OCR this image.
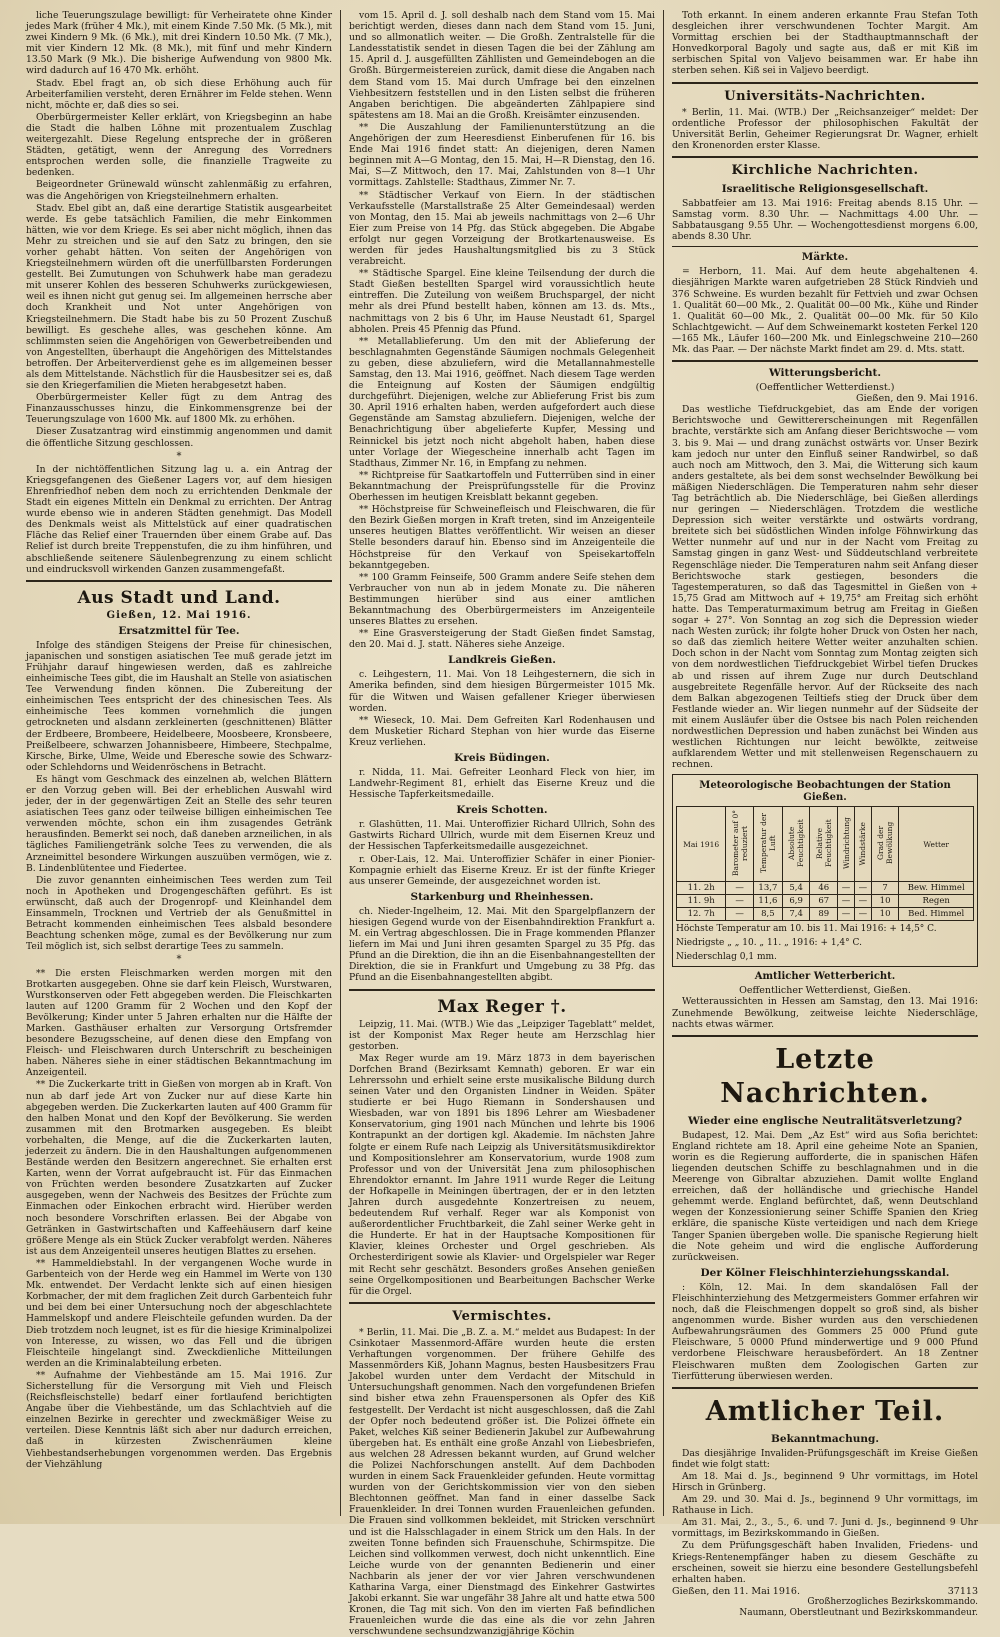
liche Teuerungszulage bewilligt: für Verheiratete ohne Kinder jedes Mark (früher 4 Mk.), mit einem Kinde 7.50 Mk. (5 Mk.), mit zwei Kindern 9 Mk. (6 Mk.), mit drei Kindern 10.50 Mk. (7 Mk.), mit vier Kindern 12 Mk. (8 Mk.), mit fünf und mehr Kindern 13.50 Mark (9 Mk.). Die bisherige Aufwendung von 9800 Mk. wird dadurch auf 16 470 Mk. erhöht.

Stadv. Ebel fragt an, ob sich diese Erhöhung auch für Arbeiterfamilien versteht, deren Ernährer im Felde stehen. Wenn nicht, möchte er, daß dies so sei.

Oberbürgermeister Keller erklärt, von Kriegsbeginn an habe die Stadt die halben Löhne mit prozentualem Zuschlag weitergezahlt. Diese Regelung entspreche der in größeren Städten, getätigt, wenn der Anregung des Vorredners entsprochen werden solle, die finanzielle Tragweite zu bedenken.

Beigeordneter Grünewald wünscht zahlenmäßig zu erfahren, was die Angehörigen von Kriegsteilnehmern erhalten.

Stadv. Ebel gibt an, daß eine derartige Statistik ausgearbeitet werde. Es gebe tatsächlich Familien, die mehr Einkommen hätten, wie vor dem Kriege. Es sei aber nicht möglich, ihnen das Mehr zu streichen und sie auf den Satz zu bringen, den sie vorher gehabt hätten. Von seiten der Angehörigen von Kriegsteilnehmern würden oft die unerfüllbarsten Forderungen gestellt. Bei Zumutungen von Schuhwerk habe man geradezu mit unserer Kohlen des besseren Schuhwerks zurückgewiesen, weil es ihnen nicht gut genug sei. Im allgemeinen herrsche aber doch Krankheit und Not unter Angehörigen von Kriegsteilnehmern. Die Stadt habe bis zu 50 Prozent Zuschuß bewilligt. Es geschehe alles, was geschehen könne. Am schlimmsten seien die Angehörigen von Gewerbetreibenden und von Angestellten, überhaupt die Angehörigen des Mittelstandes betroffen. Der Arbeiterverdienst gehe es im allgemeinen besser als dem Mittelstande. Nächstlich für die Hausbesitzer sei es, daß sie den Kriegerfamilien die Mieten herabgesetzt haben.

Oberbürgermeister Keller fügt zu dem Antrag des Finanzausschusses hinzu, die Einkommensgrenze bei der Teuerungszulage von 1600 Mk. auf 1800 Mk. zu erhöhen.

Dieser Zusatzantrag wird einstimmig angenommen und damit die öffentliche Sitzung geschlossen.

*

In der nichtöffentlichen Sitzung lag u. a. ein Antrag der Kriegsgefangenen des Gießener Lagers vor, auf dem hiesigen Ehrenfriedhof neben dem noch zu errichtenden Denkmale der Stadt ein eigenes Mitteln ein Denkmal zu errichten. Der Antrag wurde ebenso wie in anderen Städten genehmigt. Das Modell des Denkmals weist als Mittelstück auf einer quadratischen Fläche das Relief einer Trauernden über einem Grabe auf. Das Relief ist durch breite Treppenstufen, die zu ihm hinführen, und abschließende seitenere Säulenbegrenzung zu einem schlicht und eindrucksvoll wirkenden Ganzen zusammengefaßt.

Aus Stadt und Land.
Gießen, 12. Mai 1916.
Ersatzmittel für Tee.

Infolge des ständigen Steigens der Preise für chinesischen, japanischen und sonstigen asiatischen Tee muß gerade jetzt im Frühjahr darauf hingewiesen werden, daß es zahlreiche einheimische Tees gibt, die im Haushalt an Stelle von asiatischen Tee Verwendung finden können. Die Zubereitung der einheimischen Tees entspricht der des chinesischen Tees. Als einheimische Tees kommen vornehmlich die jungen getrockneten und alsdann zerkleinerten (geschnittenen) Blätter der Erdbeere, Brombeere, Heidelbeere, Moosbeere, Kronsbeere, Preißelbeere, schwarzen Johannisbeere, Himbeere, Stechpalme, Kirsche, Birke, Ulme, Weide und Eberesche sowie des Schwarz- oder Schlehdorns und Weidenröschens in Betracht.

Es hängt vom Geschmack des einzelnen ab, welchen Blättern er den Vorzug geben will. Bei der erheblichen Auswahl wird jeder, der in der gegenwärtigen Zeit an Stelle des sehr teuren asiatischen Tees ganz oder teilweise billigen einheimischen Tee verwenden möchte, schon ein ihm zusagendes Getränk herausfinden. Bemerkt sei noch, daß daneben arzneilichen, in als tägliches Familiengetränk solche Tees zu verwenden, die als Arzneimittel besondere Wirkungen auszuüben vermögen, wie z. B. Lindenblütentee und Fiedertee.

Die zuvor genannten einheimischen Tees werden zum Teil noch in Apotheken und Drogengeschäften geführt. Es ist erwünscht, daß auch der Drogenropf- und Kleinhandel dem Einsammeln, Trocknen und Vertrieb der als Genußmittel in Betracht kommenden einheimischen Tees alsbald besondere Beachtung schenken möge, zumal es der Bevölkerung nur zum Teil möglich ist, sich selbst derartige Tees zu sammeln.

*

** Die ersten Fleischmarken werden morgen mit den Brotkarten ausgegeben. Ohne sie darf kein Fleisch, Wurstwaren, Wurstkonserven oder Fett abgegeben werden. Die Fleischkarten lauten auf 1200 Gramm für 2 Wochen und den Kopf der Bevölkerung; Kinder unter 5 Jahren erhalten nur die Hälfte der Marken. Gasthäuser erhalten zur Versorgung Ortsfremder besondere Bezugsscheine, auf denen diese den Empfang von Fleisch- und Fleischwaren durch Unterschrift zu bescheinigen haben. Näheres siehe in einer städtischen Bekanntmachung im Anzeigenteil.

** Die Zuckerkarte tritt in Gießen von morgen ab in Kraft. Von nun ab darf jede Art von Zucker nur auf diese Karte hin abgegeben werden. Die Zuckerkarten lauten auf 400 Gramm für den halben Monat und den Kopf der Bevölkerung. Sie werden zusammen mit den Brotmarken ausgegeben. Es bleibt vorbehalten, die Menge, auf die die Zuckerkarten lauten, jederzeit zu ändern. Die in den Haushaltungen aufgenommenen Bestände werden den Besitzern angerechnet. Sie erhalten erst Karten, wenn der Vorrat aufgebraucht ist. Für das Einmachen von Früchten werden besondere Zusatzkarten auf Zucker ausgegeben, wenn der Nachweis des Besitzes der Früchte zum Einmachen oder Einkochen erbracht wird. Hierüber werden noch besondere Vorschriften erlassen. Bei der Abgabe von Getränken in Gastwirtschaften und Kaffeehäusern darf keine größere Menge als ein Stück Zucker verabfolgt werden. Näheres ist aus dem Anzeigenteil unseres heutigen Blattes zu ersehen.

** Hammeldiebstahl. In der vergangenen Woche wurde in Garbenteich von der Herde weg ein Hammel im Werte von 130 Mk. entwendet. Der Verdacht lenkte sich auf einen hiesigen Korbmacher, der mit dem fraglichen Zeit durch Garbenteich fuhr und bei dem bei einer Untersuchung noch der abgeschlachtete Hammelskopf und andere Fleischteile gefunden wurden. Da der Dieb trotzdem noch leugnet, ist es für die hiesige Kriminalpolizei von Interesse, zu wissen, wo das Fell und die übrigen Fleischteile hingelangt sind. Zweckdienliche Mitteilungen werden an die Kriminalabteilung erbeten.

** Aufnahme der Viehbestände am 15. Mai 1916. Zur Sicherstellung für die Versorgung mit Vieh und Fleisch (Reichsfleischstelle) bedarf einer fortlaufend berichtigten Angabe über die Viehbestände, um das Schlachtvieh auf die einzelnen Bezirke in gerechter und zweckmäßiger Weise zu verteilen. Diese Kenntnis läßt sich aber nur dadurch erreichen, daß in kürzesten Zwischenräumen kleine Viehbestandserhebungen vorgenommen werden. Das Ergebnis der Viehzählung

vom 15. April d. J. soll deshalb nach dem Stand vom 15. Mai berichtigt werden, dieses dann nach dem Stand vom 15. Juni, und so allmonatlich weiter. — Die Großh. Zentralstelle für die Landesstatistik sendet in diesen Tagen die bei der Zählung am 15. April d. J. ausgefüllten Zähllisten und Gemeindebogen an die Großh. Bürgermeistereien zurück, damit diese die Angaben nach dem Stand vom 15. Mai durch Umfrage bei den einzelnen Viehbesitzern feststellen und in den Listen selbst die früheren Angaben berichtigen. Die abgeänderten Zählpapiere sind spätestens am 18. Mai an die Großh. Kreisämter einzusenden.

** Die Auszahlung der Familienunterstützung an die Angehörigen der zum Heeresdienst Einberufenen für 16. bis Ende Mai 1916 findet statt: An diejenigen, deren Namen beginnen mit A—G Montag, den 15. Mai, H—R Dienstag, den 16. Mai, S—Z Mittwoch, den 17. Mai, Zahlstunden von 8—1 Uhr vormittags. Zahlstelle: Stadthaus, Zimmer Nr. 7.

** Städtischer Verkauf von Eiern. In der städtischen Verkaufsstelle (Marstallstraße 25 Alter Gemeindesaal) werden von Montag, den 15. Mai ab jeweils nachmittags von 2—6 Uhr Eier zum Preise von 14 Pfg. das Stück abgegeben. Die Abgabe erfolgt nur gegen Vorzeigung der Brotkartenausweise. Es werden für jedes Haushaltungsmitglied bis zu 3 Stück verabreicht.

** Städtische Spargel. Eine kleine Teilsendung der durch die Stadt Gießen bestellten Spargel wird voraussichtlich heute eintreffen. Die Zuteilung von weißem Bruchspargel, der nicht mehr als drei Pfund bestellt haben, können am 13. ds. Mts., nachmittags von 2 bis 6 Uhr, im Hause Neustadt 61, Spargel abholen. Preis 45 Pfennig das Pfund.

** Metallablieferung. Um den mit der Ablieferung der beschlagnahmten Gegenstände Säumigen nochmals Gelegenheit zu geben, diese abzuliefern, wird die Metallannahmestelle Samstag, den 13. Mai 1916, geöffnet. Nach diesem Tage werden die Enteignung auf Kosten der Säumigen endgültig durchgeführt. Diejenigen, welche zur Ablieferung Frist bis zum 30. April 1916 erhalten haben, werden aufgefordert auch diese Gegenstände am Samstag abzuliefern. Diejenigen, welche der Benachrichtigung über abgelieferte Kupfer, Messing und Reinnickel bis jetzt noch nicht abgeholt haben, haben diese unter Vorlage der Wiegescheine innerhalb acht Tagen im Stadthaus, Zimmer Nr. 16, in Empfang zu nehmen.

** Richtpreise für Saatkartoffeln und Futterrüben sind in einer Bekanntmachung der Preisprüfungsstelle für die Provinz Oberhessen im heutigen Kreisblatt bekannt gegeben.

** Höchstpreise für Schweinefleisch und Fleischwaren, die für den Bezirk Gießen morgen in Kraft treten, sind im Anzeigenteile unseres heutigen Blattes veröffentlicht. Wir weisen an dieser Stelle besonders darauf hin. Ebenso sind im Anzeigenteile die Höchstpreise für den Verkauf von Speisekartoffeln bekanntgegeben.

** 100 Gramm Feinseife, 500 Gramm andere Seife stehen dem Verbraucher von nun ab in jedem Monate zu. Die näheren Bestimmungen hierüber sind aus einer amtlichen Bekanntmachung des Oberbürgermeisters im Anzeigenteile unseres Blattes zu ersehen.

** Eine Grasversteigerung der Stadt Gießen findet Samstag, den 20. Mai d. J. statt. Näheres siehe Anzeige.

Landkreis Gießen.

c. Leihgestern, 11. Mai. Von 18 Leihgesternern, die sich in Amerika befinden, sind dem hiesigen Bürgermeister 1015 Mk. für die Witwen und Waisen gefallener Krieger überwiesen worden.

** Wieseck, 10. Mai. Dem Gefreiten Karl Rodenhausen und dem Musketier Richard Stephan von hier wurde das Eiserne Kreuz verliehen.

Kreis Büdingen.

r. Nidda, 11. Mai. Gefreiter Leonhard Fleck von hier, im Landwehr-Regiment 81, erhielt das Eiserne Kreuz und die Hessische Tapferkeitsmedaille.

Kreis Schotten.

r. Glashütten, 11. Mai. Unteroffizier Richard Ullrich, Sohn des Gastwirts Richard Ullrich, wurde mit dem Eisernen Kreuz und der Hessischen Tapferkeitsmedaille ausgezeichnet.

r. Ober-Lais, 12. Mai. Unteroffizier Schäfer in einer Pionier-Kompagnie erhielt das Eiserne Kreuz. Er ist der fünfte Krieger aus unserer Gemeinde, der ausgezeichnet worden ist.

Starkenburg und Rheinhessen.

ch. Nieder-Ingelheim, 12. Mai. Mit den Spargelpflanzern der hiesigen Gegend wurde von der Eisenbahndirektion Frankfurt a. M. ein Vertrag abgeschlossen. Die in Frage kommenden Pflanzer liefern im Mai und Juni ihren gesamten Spargel zu 35 Pfg. das Pfund an die Direktion, die ihn an die Eisenbahnangestellten der Direktion, die sie in Frankfurt und Umgebung zu 38 Pfg. das Pfund an die Eisenbahnangestellten abgibt.

Max Reger †.

Leipzig, 11. Mai. (WTB.) Wie das „Leipziger Tageblatt“ meldet, ist der Komponist Max Reger heute am Herzschlag hier gestorben.

Max Reger wurde am 19. März 1873 in dem bayerischen Dorfchen Brand (Bezirksamt Kemnath) geboren. Er war ein Lehrerssohn und erhielt seine erste musikalische Bildung durch seinen Vater und den Organisten Lindner in Weiden. Später studierte er bei Hugo Riemann in Sondershausen und Wiesbaden, war von 1891 bis 1896 Lehrer am Wiesbadener Konservatorium, ging 1901 nach München und lehrte bis 1906 Kontrapunkt an der dortigen kgl. Akademie. Im nächsten Jahre folgte er einem Rufe nach Leipzig als Universitätsmusikdirektor und Kompositionslehrer am Konservatorium, wurde 1908 zum Professor und von der Universität Jena zum philosophischen Ehrendoktor ernannt. Im Jahre 1911 wurde Reger die Leitung der Hofkapelle in Meiningen übertragen, der er in den letzten Jahren durch ausgedehnte Konzertreisen zu neuem, bedeutendem Ruf verhalf. Reger war als Komponist von außerordentlicher Fruchtbarkeit, die Zahl seiner Werke geht in die Hunderte. Er hat in der Hauptsache Kompositionen für Klavier, kleines Orchester und Orgel geschrieben. Als Orchesterdirigent sowie als Klavier- und Orgelspieler war Reger mit Recht sehr geschätzt. Besonders großes Ansehen genießen seine Orgelkompositionen und Bearbeitungen Bachscher Werke für die Orgel.

Vermischtes.

* Berlin, 11. Mai. Die „B. Z. a. M.“ meldet aus Budapest: In der Csinkotaer Massenmord-Affäre wurden heute die ersten Verhaftungen vorgenommen. Der frühere Gehilfe des Massenmörders Kiß, Johann Magnus, besten Hausbesitzers Frau Jakobel wurden unter dem Verdacht der Mitschuld in Untersuchungshaft genommen. Nach den vorgefundenen Briefen sind bisher etwa zehn Frauenspersonen als Opfer des Kiß festgestellt. Der Verdacht ist nicht ausgeschlossen, daß die Zahl der Opfer noch bedeutend größer ist. Die Polizei öffnete ein Paket, welches Kiß seiner Bedienerin Jakubel zur Aufbewahrung übergeben hat. Es enthält eine große Anzahl von Liebesbriefen, aus welchen 28 Adressen bekannt wurden, auf Grund welcher die Polizei Nachforschungen anstellt. Auf dem Dachboden wurden in einem Sack Frauenkleider gefunden. Heute vormittag wurden von der Gerichtskommission vier von den sieben Blechtonnen geöffnet. Man fand in einer dasselbe Sack Frauenkleider. In drei Tonnen wurden Frauenleichen gefunden. Die Frauen sind vollkommen bekleidet, mit Stricken verschnürt und ist die Halsschlagader in einem Strick um den Hals. In der zweiten Tonne befinden sich Frauenschuhe, Schirmspitze. Die Leichen sind vollkommen verwest, doch nicht unkenntlich. Eine Leiche wurde von der genannten Bedienerin und einer Nachbarin als jener der vor vier Jahren verschwundenen Katharina Varga, einer Dienstmagd des Einkehrer Gastwirtes Jakobi erkannt. Sie war ungefähr 38 Jahre alt und hatte etwa 500 Kronen, die Tag mit sich. Von den im vierten Faß befindlichen Frauenleichen wurde die das eine als die vor zehn Jahren verschwundene sechsundzwanzigjährige Köchin

Toth erkannt. In einem anderen erkannte Frau Stefan Toth desgleichen ihrer verschwundenen Tochter Margit. Am Vormittag erschien bei der Stadthauptmannschaft der Honvedkorporal Bagoly und sagte aus, daß er mit Kiß im serbischen Spital von Valjevo beisammen war. Er habe ihn sterben sehen. Kiß sei in Valjevo beerdigt.

Universitäts-Nachrichten.

* Berlin, 11. Mai. (WTB.) Der „Reichsanzeiger“ meldet: Der ordentliche Professor der philosophischen Fakultät der Universität Berlin, Geheimer Regierungsrat Dr. Wagner, erhielt den Kronenorden erster Klasse.

Kirchliche Nachrichten.
Israelitische Religionsgesellschaft.

Sabbatfeier am 13. Mai 1916: Freitag abends 8.15 Uhr. — Samstag vorm. 8.30 Uhr. — Nachmittags 4.00 Uhr. — Sabbatausgang 9.55 Uhr. — Wochengottesdienst morgens 6.00, abends 8.30 Uhr.

Märkte.

= Herborn, 11. Mai. Auf dem heute abgehaltenen 4. diesjährigen Markte waren aufgetrieben 28 Stück Rindvieh und 376 Schweine. Es wurden bezahlt für Fettvieh und zwar Ochsen 1. Qualität 60—00 Mk., 2. Qualität 00—00 Mk., Kühe und Rinder 1. Qualität 60—00 Mk., 2. Qualität 00—00 Mk. für 50 Kilo Schlachtgewicht. — Auf dem Schweinemarkt kosteten Ferkel 120—165 Mk., Läufer 160—200 Mk. und Einlegschweine 210—260 Mk. das Paar. — Der nächste Markt findet am 29. d. Mts. statt.

Witterungsbericht.
(Oeffentlicher Wetterdienst.)
Gießen, den 9. Mai 1916.

Das westliche Tiefdruckgebiet, das am Ende der vorigen Berichtswoche und Gewittererscheinungen mit Regenfällen brachte, verstärkte sich am Anfang dieser Berichtswoche — vom 3. bis 9. Mai — und drang zunächst ostwärts vor. Unser Bezirk kam jedoch nur unter den Einfluß seiner Randwirbel, so daß auch noch am Mittwoch, den 3. Mai, die Witterung sich kaum anders gestaltete, als bei dem sonst wechselnder Bewölkung bei mäßigen Niederschlägen. Die Temperaturen nahm sehr dieser Tag beträchtlich ab. Die Niederschläge, bei Gießen allerdings nur geringen — Niederschlägen. Trotzdem die westliche Depression sich weiter verstärkte und ostwärts vordrang, breitete sich bei südöstlichen Winden infolge Föhnwirkung das Wetter nunmehr auf und nur in der Nacht vom Freitag zu Samstag gingen in ganz West- und Süddeutschland verbreitete Regenschläge nieder. Die Temperaturen nahm seit Anfang dieser Berichtswoche stark gestiegen, besonders die Tagestemperaturen, so daß das Tagesmittel in Gießen von + 15,75 Grad am Mittwoch auf + 19,75° am Freitag sich erhöht hatte. Das Temperaturmaximum betrug am Freitag in Gießen sogar + 27°. Von Sonntag an zog sich die Depression wieder nach Westen zurück; ihr folgte hoher Druck von Osten her nach, so daß das ziemlich heitere Wetter weiter anzuhalten schien. Doch schon in der Nacht vom Sonntag zum Montag zeigten sich von dem nordwestlichen Tiefdruckgebiet Wirbel tiefen Druckes ab und rissen auf ihrem Zuge nur durch Deutschland ausgebreitete Regenfälle hervor. Auf der Rückseite des nach dem Balkan abgezogenen Teiltiefs stieg der Druck über dem Festlande wieder an. Wir liegen nunmehr auf der Südseite der mit einem Ausläufer über die Ostsee bis nach Polen reichenden nordwestlichen Depression und haben zunächst bei Winden aus westlichen Richtungen nur leicht bewölkte, zeitweise aufklarendem Wetter und mit stellenweisen Regenschauern zu rechnen.

Meteorologische Beobachtungen der Station Gießen.
Mai 1916	Barometer auf 0° reduziert	Temperatur der Luft	Absolute Feuchtigkeit	Relative Feuchtigkeit	Windrichtung	Windstärke	Grad der Bewölkung	Wetter
11. 2h	—	13,7	5,4	46	—	—	7	Bew. Himmel
11. 9h	—	11,6	6,9	67	—	—	10	Regen
12. 7h	—	8,5	7,4	89	—	—	10	Bed. Himmel
Höchste Temperatur am 10. bis 11. Mai 1916: + 14,5° C.
Niedrigste „ „ 10. „ 11. „ 1916: + 1,4° C.
Niederschlag 0,1 mm.
Amtlicher Wetterbericht.
Oeffentlicher Wetterdienst, Gießen.

Wetteraussichten in Hessen am Samstag, den 13. Mai 1916: Zunehmende Bewölkung, zeitweise leichte Niederschläge, nachts etwas wärmer.

Letzte Nachrichten.
Wieder eine englische Neutralitätsverletzung?

Budapest, 12. Mai. Dem „Az Est“ wird aus Sofia berichtet: England richtete am 18. April eine geheime Note an Spanien, worin es die Regierung aufforderte, die in spanischen Häfen liegenden deutschen Schiffe zu beschlagnahmen und in die Meerenge von Gibraltar abzuziehen. Damit wollte England erreichen, daß der holländische und griechische Handel gehemmt werde. England befürchtet, daß, wenn Deutschland wegen der Konzessionierung seiner Schiffe Spanien den Krieg erkläre, die spanische Küste verteidigen und nach dem Kriege Tanger Spanien übergeben wolle. Die spanische Regierung hielt die Note geheim und wird die englische Aufforderung zurückweisen.

Der Kölner Fleischhinterziehungsskandal.

: Köln, 12. Mai. In dem skandalösen Fall der Fleischhinterziehung des Metzgermeisters Gommer erfahren wir noch, daß die Fleischmengen doppelt so groß sind, als bisher angenommen wurde. Bisher wurden aus den verschiedenen Aufbewahrungsräumen des Gommers 25 000 Pfund gute Fleischware, 5 0000 Pfund minderwertige und 9 000 Pfund verdorbene Fleischware herausbefördert. An 18 Zentner Fleischwaren mußten dem Zoologischen Garten zur Tierfütterung überwiesen werden.

Amtlicher Teil.
Bekanntmachung.

Das diesjährige Invaliden-Prüfungsgeschäft im Kreise Gießen findet wie folgt statt:

Am 18. Mai d. Js., beginnend 9 Uhr vormittags, im Hotel Hirsch in Grünberg.

Am 29. und 30. Mai d. Js., beginnend 9 Uhr vormittags, im Rathause in Lich.

Am 31. Mai, 2., 3., 5., 6. und 7. Juni d. Js., beginnend 9 Uhr vormittags, im Bezirkskommando in Gießen.

Zu dem Prüfungsgeschäft haben Invaliden, Friedens- und Kriegs-Rentenempfänger haben zu diesem Geschäfte zu erscheinen, soweit sie hierzu eine besondere Gestellungsbefehl erhalten haben.

Gießen, den 11. Mai 1916.	37113
Großherzogliches Bezirkskommando.
Naumann, Oberstleutnant und Bezirkskommandeur.
